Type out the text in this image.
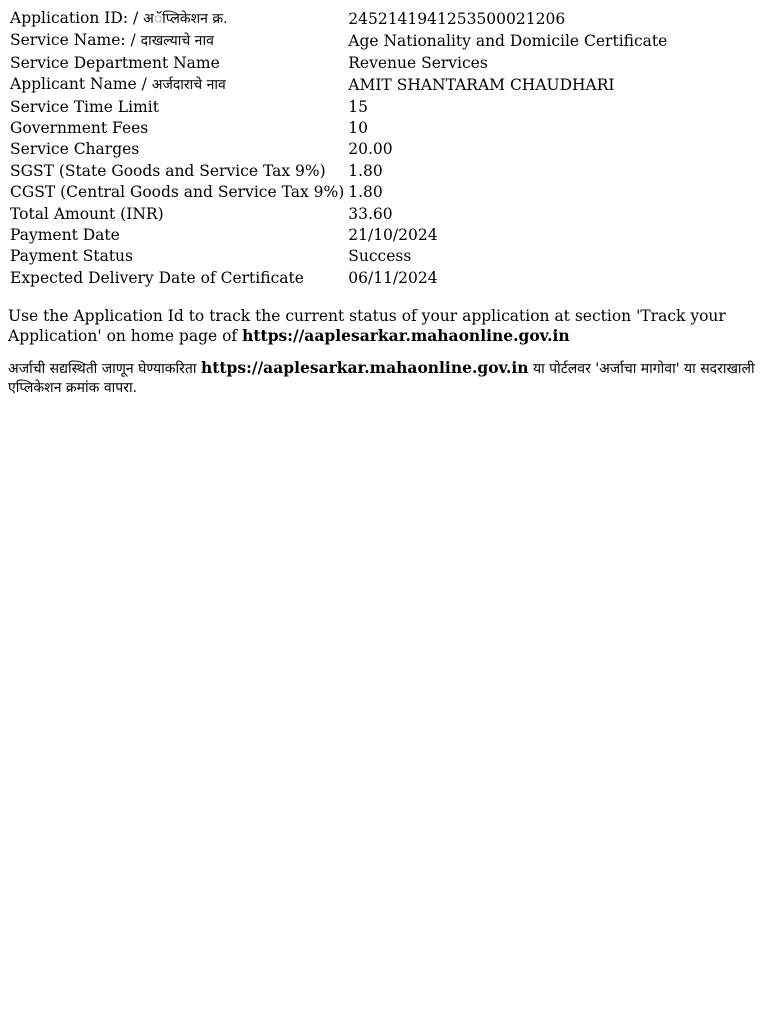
Application ID: / अॅप्लिकेशन क्र.	2452141941253500021206
Service Name: / दाखल्याचे नाव	Age Nationality and Domicile Certificate
Service Department Name	Revenue Services
Applicant Name / अर्जदाराचे नाव	AMIT SHANTARAM CHAUDHARI
Service Time Limit	15
Government Fees	10
Service Charges	20.00
SGST (State Goods and Service Tax 9%)	1.80
CGST (Central Goods and Service Tax 9%)	1.80
Total Amount (INR)	33.60
Payment Date	21/10/2024
Payment Status	Success
Expected Delivery Date of Certificate	06/11/2024

Use the Application Id to track the current status of your application at section 'Track your Application' on home page of https://aaplesarkar.mahaonline.gov.in

अर्जाची सद्यस्थिती जाणून घेण्याकरिता https://aaplesarkar.mahaonline.gov.in या पोर्टलवर 'अर्जाचा मागोवा' या सदराखाली एप्लिकेशन क्रमांक वापरा.
